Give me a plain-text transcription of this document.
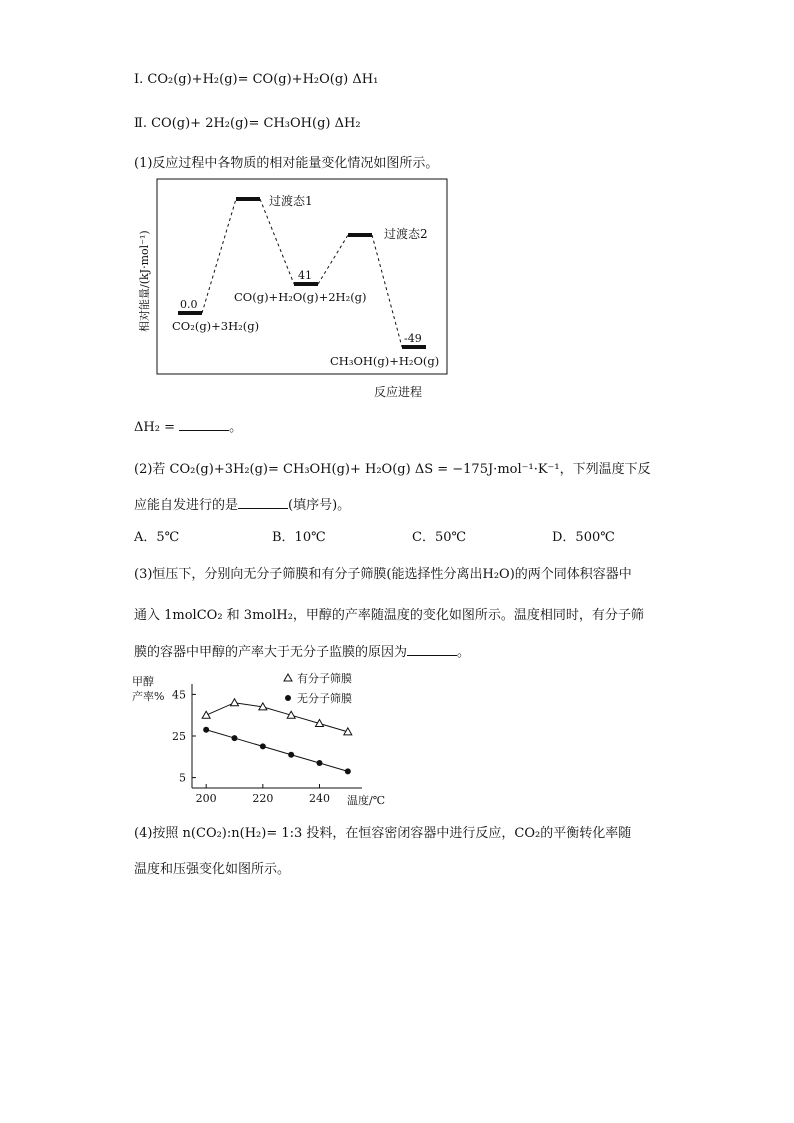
Ⅰ. CO₂(g)+H₂(g)= CO(g)+H₂O(g) ΔH₁
Ⅱ. CO(g)+ 2H₂(g)= CH₃OH(g) ΔH₂
(1)反应过程中各物质的相对能量变化情况如图所示。
相对能量/(kJ·mol⁻¹)
过渡态1
过渡态2
0.0
CO₂(g)+3H₂(g)
41
CO(g)+H₂O(g)+2H₂(g)
-49
CH₃OH(g)+H₂O(g)
反应进程
ΔH₂ =	。
(2)若 CO₂(g)+3H₂(g)= CH₃OH(g)+ H₂O(g) ΔS = −175J·mol⁻¹·K⁻¹，下列温度下反
应能自发进行的是	(填序号)。
A．5℃	B．10℃	C．50℃	D．500℃
(3)恒压下，分别向无分子筛膜和有分子筛膜(能选择性分离出H₂O)的两个同体积容器中
通入 1molCO₂ 和 3molH₂，甲醇的产率随温度的变化如图所示。温度相同时，有分子筛
膜的容器中甲醇的产率大于无分子监膜的原因为	。
甲醇
产率%
5
25
45
200	220	240 温度/℃
有分子筛膜
无分子筛膜
(4)按照 n(CO₂):n(H₂)= 1:3 投料，在恒容密闭容器中进行反应，CO₂的平衡转化率随
温度和压强变化如图所示。
